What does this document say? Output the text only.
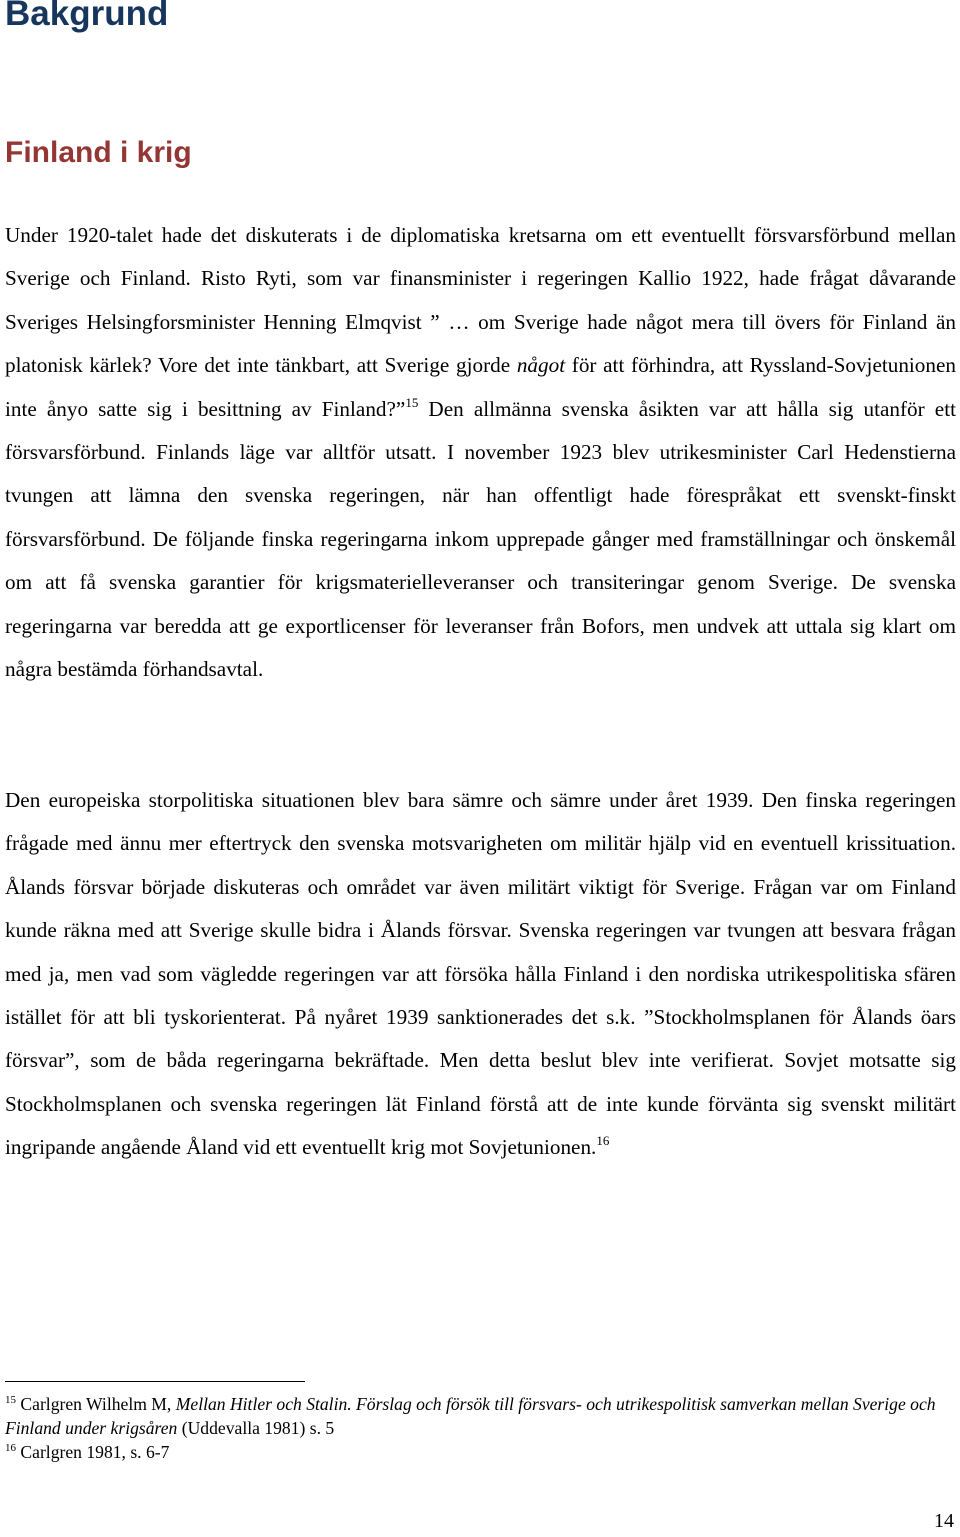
Bakgrund
Finland i krig

Under 1920-talet hade det diskuterats i de diplomatiska kretsarna om ett eventuellt försvarsförbund mellan Sverige och Finland. Risto Ryti, som var finansminister i regeringen Kallio 1922, hade frågat dåvarande Sveriges Helsingforsminister Henning Elmqvist ” … om Sverige hade något mera till övers för Finland än platonisk kärlek? Vore det inte tänkbart, att Sverige gjorde något för att förhindra, att Ryssland-Sovjetunionen inte ånyo satte sig i besittning av Finland?”$^{15}$ Den allmänna svenska åsikten var att hålla sig utanför ett försvarsförbund. Finlands läge var alltför utsatt. I november 1923 blev utrikesminister Carl Hedenstierna tvungen att lämna den svenska regeringen, när han offentligt hade förespråkat ett svenskt-finskt försvarsförbund. De följande finska regeringarna inkom upprepade gånger med framställningar och önskemål om att få svenska garantier för krigsmaterielleveranser och transiteringar genom Sverige. De svenska regeringarna var beredda att ge exportlicenser för leveranser från Bofors, men undvek att uttala sig klart om några bestämda förhandsavtal.

Den europeiska storpolitiska situationen blev bara sämre och sämre under året 1939. Den finska regeringen frågade med ännu mer eftertryck den svenska motsvarigheten om militär hjälp vid en eventuell krissituation. Ålands försvar började diskuteras och området var även militärt viktigt för Sverige. Frågan var om Finland kunde räkna med att Sverige skulle bidra i Ålands försvar. Svenska regeringen var tvungen att besvara frågan med ja, men vad som vägledde regeringen var att försöka hålla Finland i den nordiska utrikespolitiska sfären istället för att bli tyskorienterat. På nyåret 1939 sanktionerades det s.k. ”Stockholmsplanen för Ålands öars försvar”, som de båda regeringarna bekräftade. Men detta beslut blev inte verifierat. Sovjet motsatte sig Stockholmsplanen och svenska regeringen lät Finland förstå att de inte kunde förvänta sig svenskt militärt ingripande angående Åland vid ett eventuellt krig mot Sovjetunionen.$^{16}$

$^{15}$ Carlgren Wilhelm M, Mellan Hitler och Stalin. Förslag och försök till försvars- och utrikespolitisk samverkan mellan Sverige och Finland under krigsåren (Uddevalla 1981) s. 5

$^{16}$ Carlgren 1981, s. 6-7

14
